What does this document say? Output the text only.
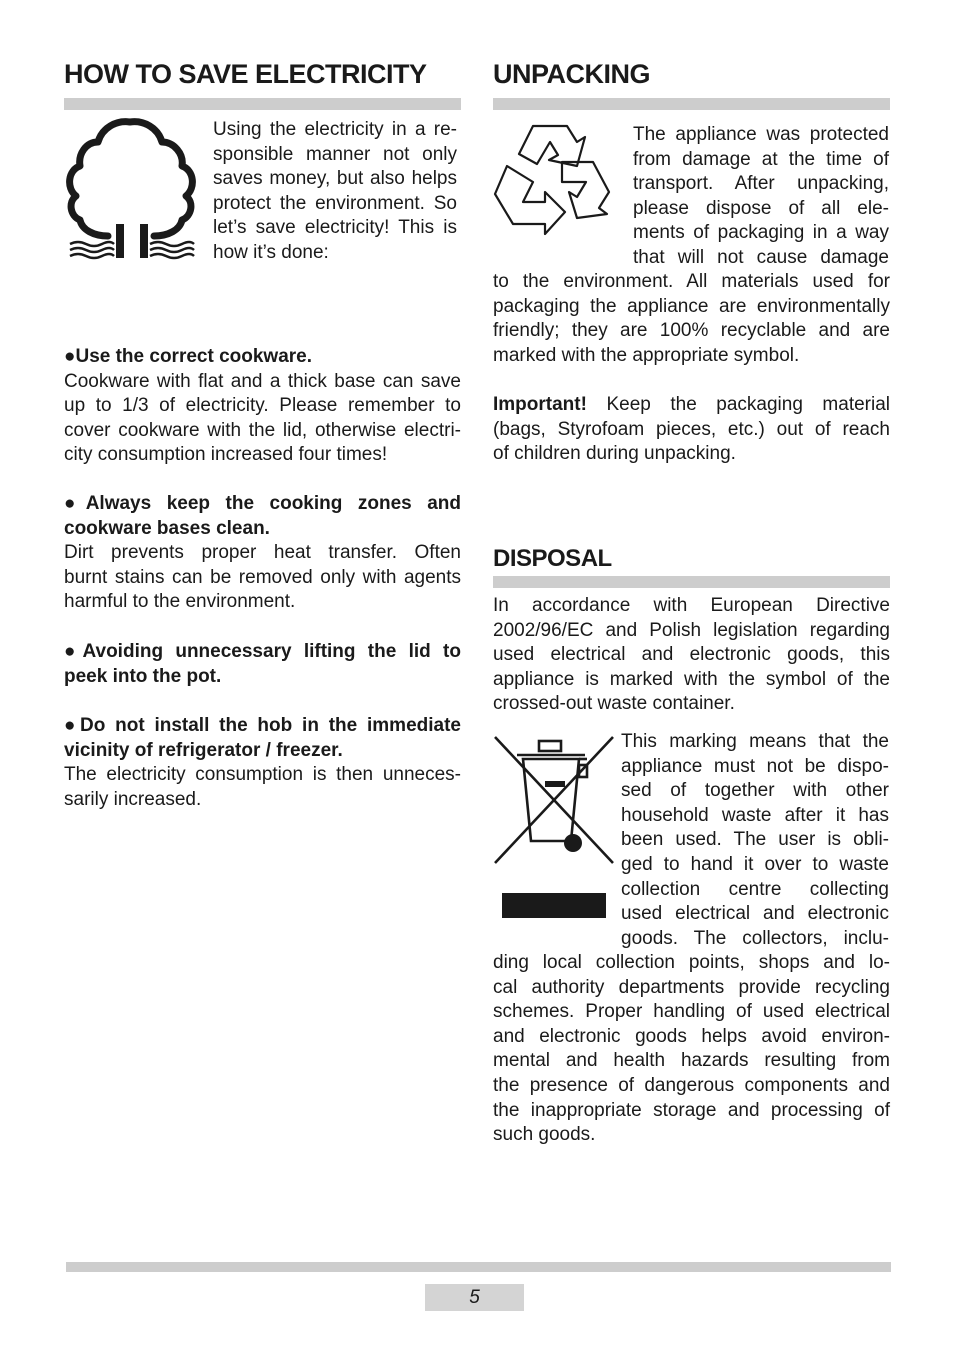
HOW TO SAVE ELECTRICITY

Using the electricity in a re-
sponsible manner not only
saves money, but also helps
protect the environment. So
let’s save electricity! This is
how it’s done:

●Use the correct cookware.
Cookware with flat and a thick base can save
up to 1/3 of electricity. Please remember to
cover cookware with the lid, otherwise electri-
city consumption increased four times!

●Always keep the cooking zones and
cookware bases clean.
Dirt prevents proper heat transfer. Often
burnt stains can be removed only with agents
harmful to the environment.

●Avoiding unnecessary lifting the lid to
peek into the pot.

●Do not install the hob in the immediate
vicinity of refrigerator / freezer.
The electricity consumption is then unneces-
sarily increased.

UNPACKING

The appliance was protected
from damage at the time of
transport. After unpacking,
please dispose of all ele-
ments of packaging in a way
that will not cause damage

to the environment. All materials used for
packaging the appliance are environmentally
friendly; they are 100% recyclable and are
marked with the appropriate symbol.

Important! Keep the packaging material
(bags, Styrofoam pieces, etc.) out of reach
of children during unpacking.

DISPOSAL

In accordance with European Directive
2002/96/EC and Polish legislation regarding
used electrical and electronic goods, this
appliance is marked with the symbol of the
crossed-out waste container.

This marking means that the
appliance must not be dispo-
sed of together with other
household waste after it has
been used. The user is obli-
ged to hand it over to waste
collection centre collecting
used electrical and electronic
goods. The collectors, inclu-

ding local collection points, shops and lo-
cal authority departments provide recycling
schemes. Proper handling of used electrical
and electronic goods helps avoid environ-
mental and health hazards resulting from
the presence of dangerous components and
the inappropriate storage and processing of
such goods.

5
